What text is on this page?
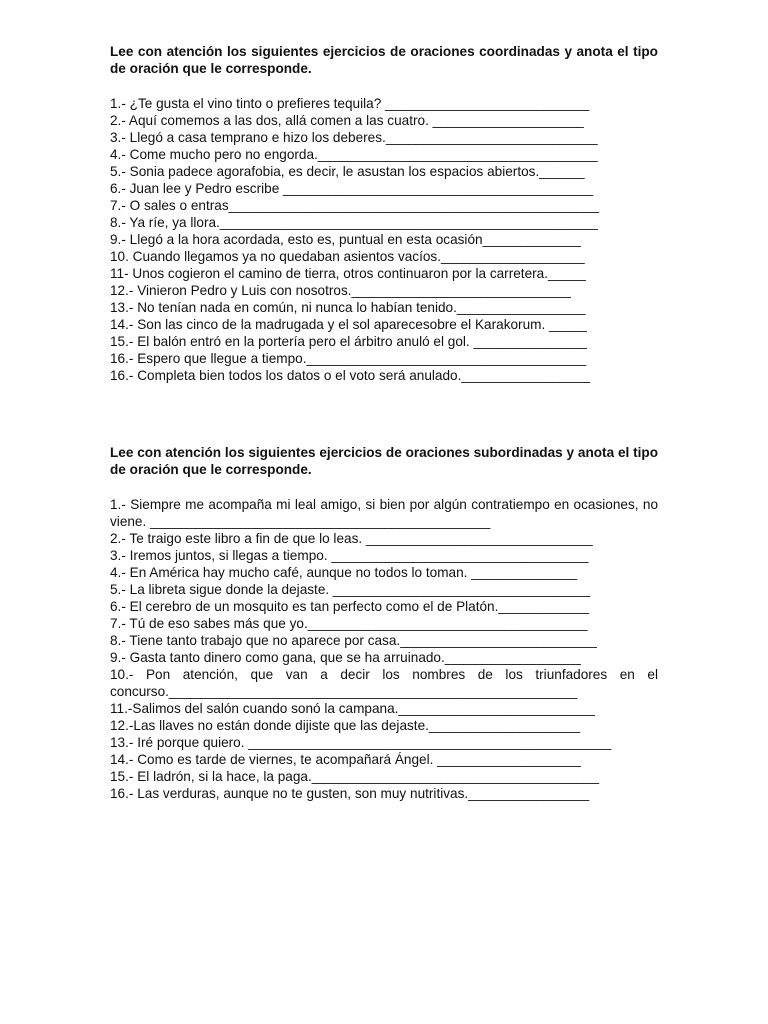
Lee con atención los siguientes ejercicios de oraciones coordinadas y anota el tipo de oración que le corresponde.

1.- ¿Te gusta el vino tinto o prefieres tequila? ___________________________
2.- Aquí comemos a las dos, allá comen a las cuatro. ____________________
3.- Llegó a casa temprano e hizo los deberes.____________________________
4.- Come mucho pero no engorda._____________________________________
5.- Sonia padece agorafobia, es decir, le asustan los espacios abiertos.______
6.- Juan lee y Pedro escribe _________________________________________
7.- O sales o entras_________________________________________________
8.- Ya ríe, ya llora.__________________________________________________
9.- Llegó a la hora acordada, esto es, puntual en esta ocasión_____________
10. Cuando llegamos ya no quedaban asientos vacíos.___________________
11- Unos cogieron el camino de tierra, otros continuaron por la carretera._____
12.- Vinieron Pedro y Luis con nosotros._____________________________
13.- No tenían nada en común, ni nunca lo habían tenido._________________
14.- Son las cinco de la madrugada y el sol aparecesobre el Karakorum. _____
15.- El balón entró en la portería pero el árbitro anuló el gol. _______________
16.- Espero que llegue a tiempo._____________________________________
16.- Completa bien todos los datos o el voto será anulado._________________

Lee con atención los siguientes ejercicios de oraciones subordinadas y anota el tipo de oración que le corresponde.

1.- Siempre me acompaña mi leal amigo, si bien por algún contratiempo en ocasiones, no viene. _____________________________________________
2.- Te traigo este libro a fin de que lo leas. ______________________________
3.- Iremos juntos, si llegas a tiempo. __________________________________
4.- En América hay mucho café, aunque no todos lo toman. ______________
5.- La libreta sigue donde la dejaste. __________________________________
6.- El cerebro de un mosquito es tan perfecto como el de Platón.____________
7.- Tú de eso sabes más que yo._____________________________________
8.- Tiene tanto trabajo que no aparece por casa.__________________________
9.- Gasta tanto dinero como gana, que se ha arruinado.__________________
10.- Pon atención, que van a decir los nombres de los triunfadores en el concurso.______________________________________________________
11.-Salimos del salón cuando sonó la campana.__________________________
12.-Las llaves no están donde dijiste que las dejaste.____________________
13.- Iré porque quiero. ________________________________________________
14.- Como es tarde de viernes, te acompañará Ángel. ___________________
15.- El ladrón, si la hace, la paga.______________________________________
16.- Las verduras, aunque no te gusten, son muy nutritivas.________________
